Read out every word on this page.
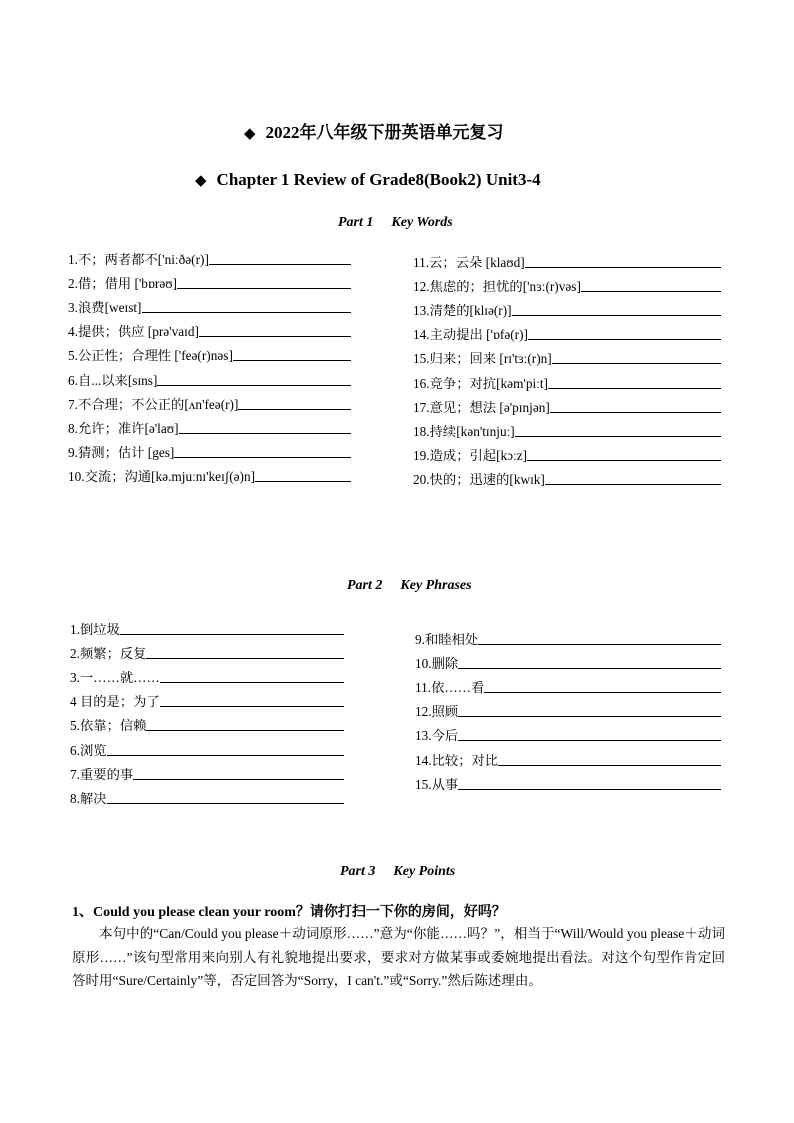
◆ 2022年八年级下册英语单元复习
◆ Chapter 1 Review of Grade8(Book2) Unit3-4
Part 1 Key Words
1.不；两者都不['niːðə(r)]
2.借；借用 ['bɒrəʊ]
3.浪费[weɪst]
4.提供；供应 [prə'vaɪd]
5.公正性；合理性 ['feə(r)nəs]
6.自...以来[sɪns]
7.不合理；不公正的[ʌn'feə(r)]
8.允许；准许[ə'laʊ]
9.猜测；估计 [ges]
10.交流；沟通[kə.mjuːnɪ'keɪʃ(ə)n]
11.云；云朵 [klaʊd]
12.焦虑的；担忧的['nɜː(r)vəs]
13.清楚的[klɪə(r)]
14.主动提出 ['ɒfə(r)]
15.归来；回来 [rɪ'tɜː(r)n]
16.竞争；对抗[kəm'piːt]
17.意见；想法 [ə'pɪnjən]
18.持续[kən'tɪnjuː]
19.造成；引起[kɔːz]
20.快的；迅速的[kwɪk]
Part 2 Key Phrases
1.倒垃圾
2.频繁；反复
3.一……就……
4 目的是；为了
5.依靠；信赖
6.浏览
7.重要的事
8.解决
9.和睦相处
10.删除
11.依……看
12.照顾
13.今后
14.比较；对比
15.从事
Part 3 Key Points
1、Could you please clean your room？请你打扫一下你的房间，好吗？
本句中的“Can/Could you please＋动词原形……”意为“你能……吗？”，相当于“Will/Would you please＋动词原形……”该句型常用来向别人有礼貌地提出要求，要求对方做某事或委婉地提出看法。对这个句型作肯定回答时用“Sure/Certainly”等，否定回答为“Sorry，I can't.”或“Sorry.”然后陈述理由。
